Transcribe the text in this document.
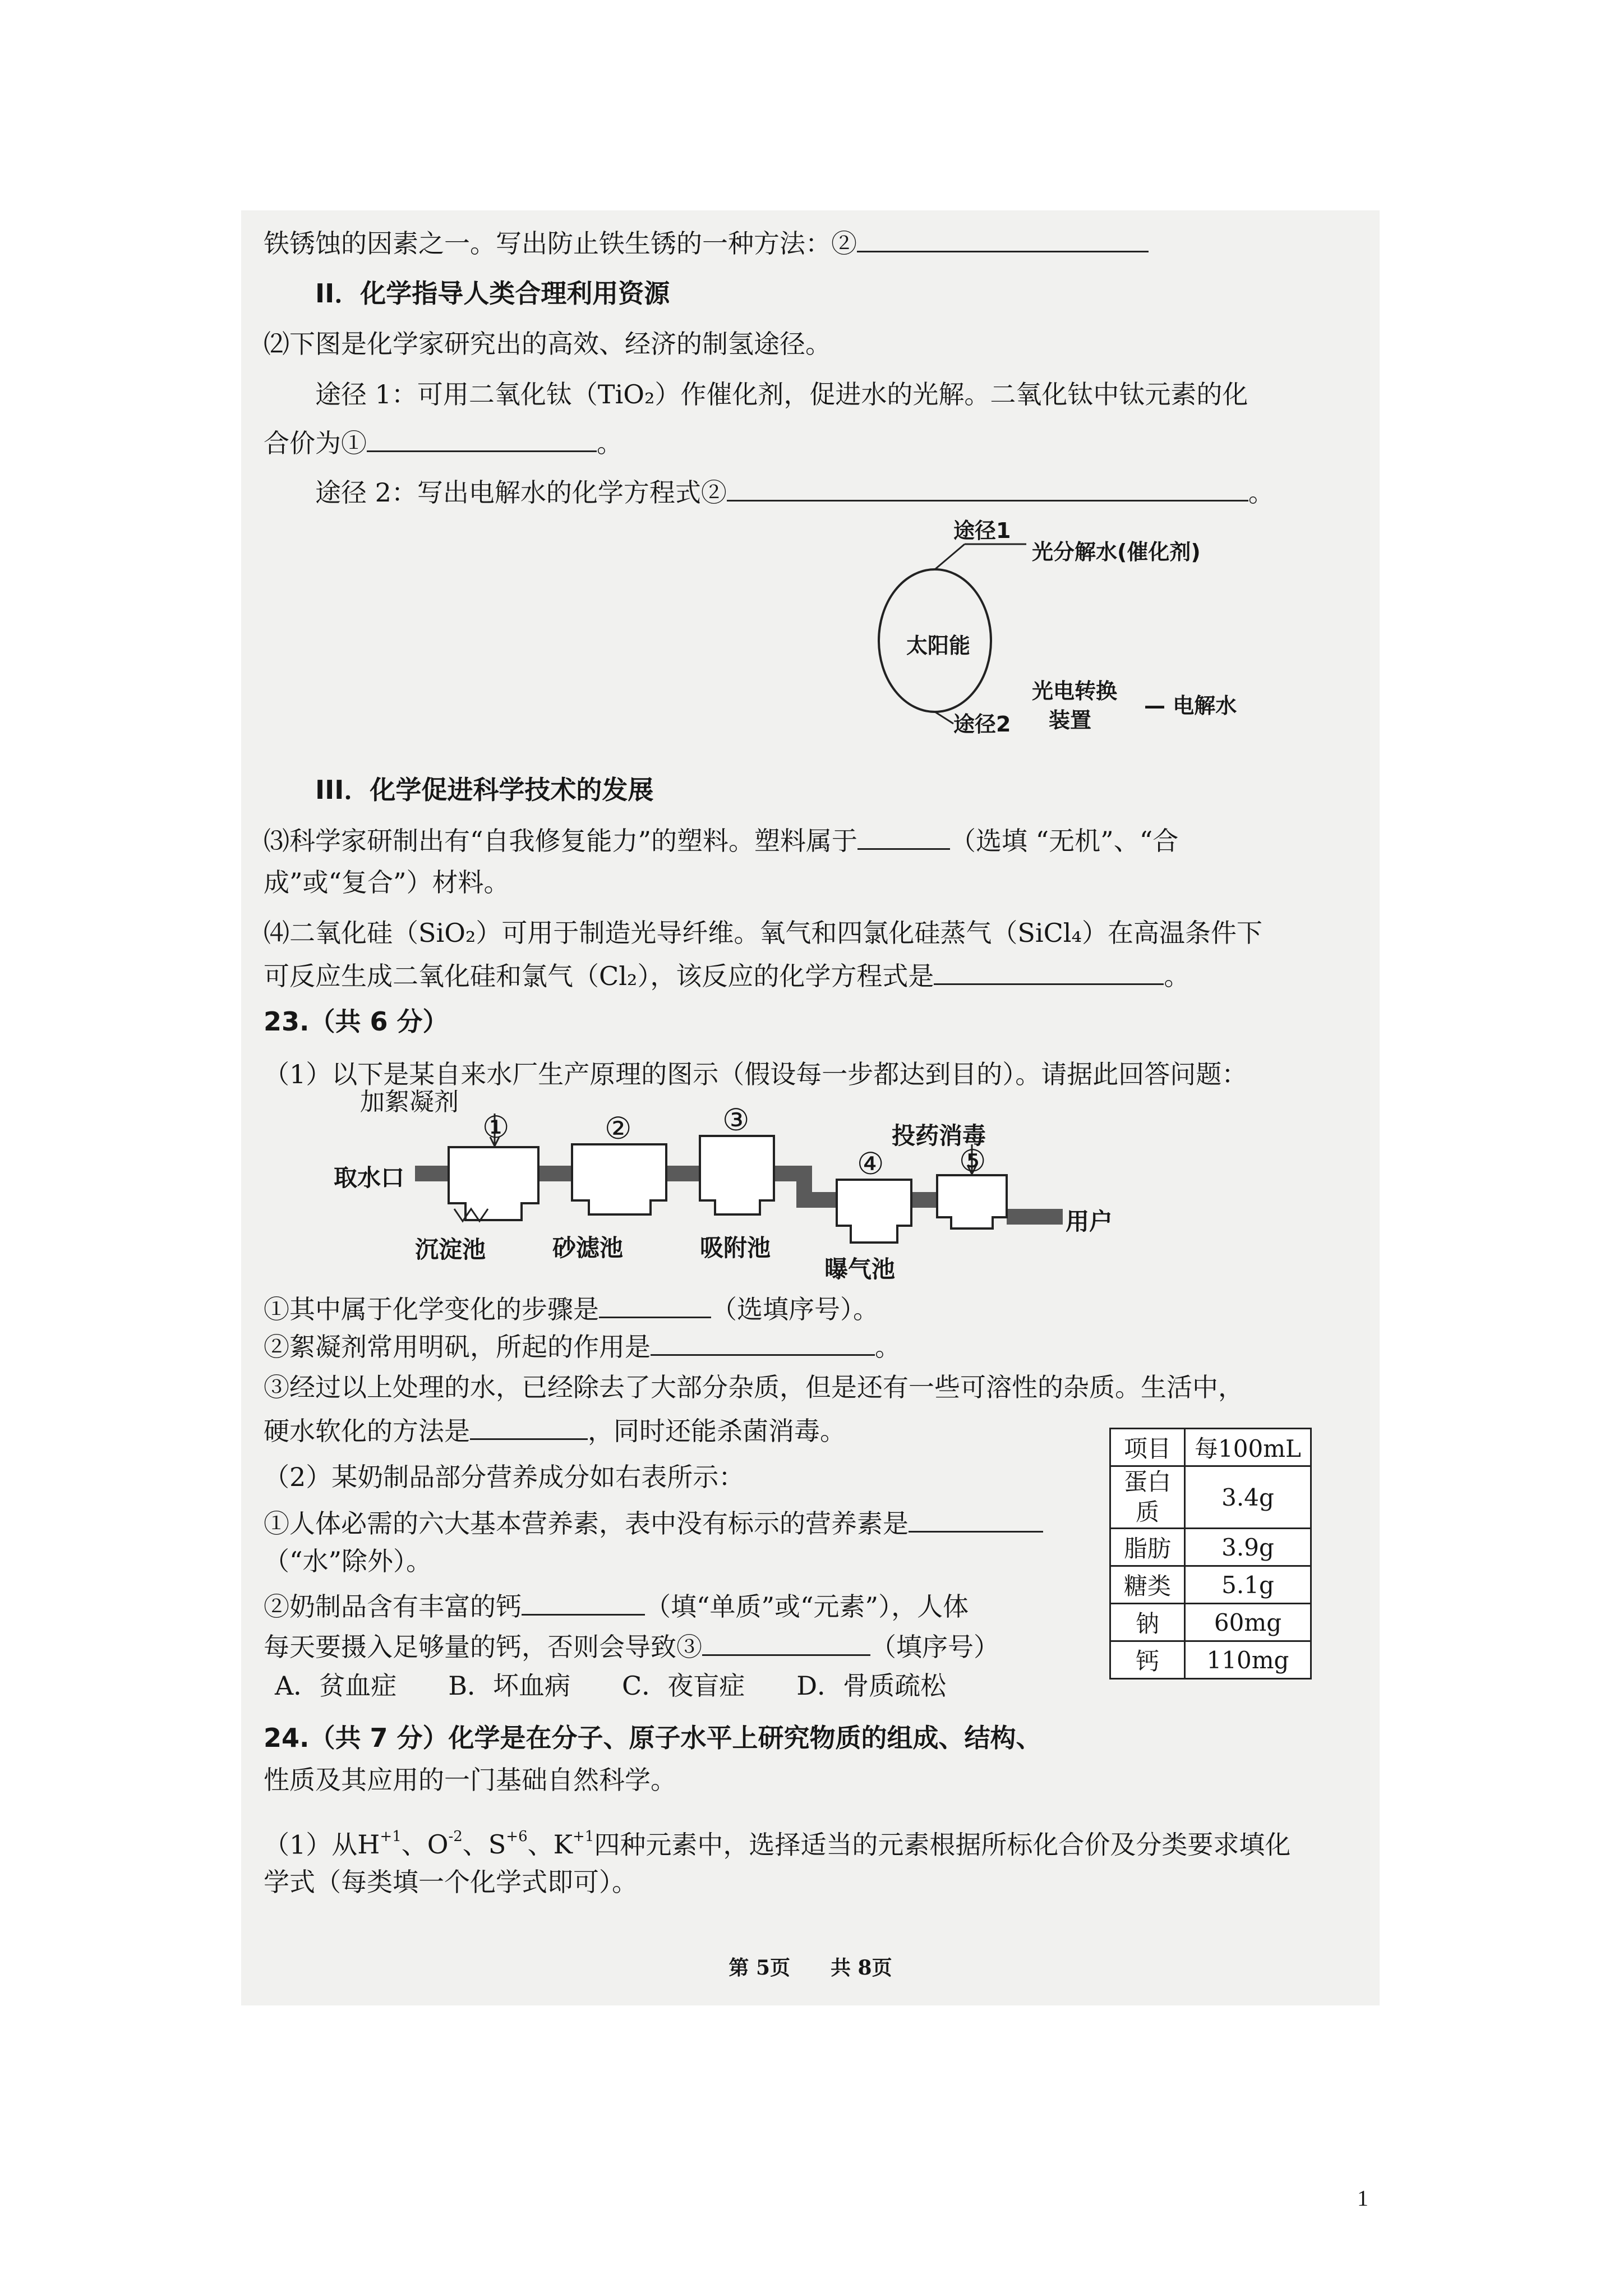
铁锈蚀的因素之一。写出防止铁生锈的一种方法：②
II．化学指导人类合理利用资源
⑵下图是化学家研究出的高效、经济的制氢途径。
途径 1：可用二氧化钛（TiO₂）作催化剂，促进水的光解。二氧化钛中钛元素的化
合价为①	。
途径 2：写出电解水的化学方程式②	。
太阳能
途径1
光分解水(催化剂)
光电转换
装置
— 电解水
途径2
III．化学促进科学技术的发展
⑶科学家研制出有“自我修复能力”的塑料。塑料属于	（选填 “无机”、“合
成”或“复合”）材料。
⑷二氧化硅（SiO₂）可用于制造光导纤维。氧气和四氯化硅蒸气（SiCl₄）在高温条件下
可反应生成二氧化硅和氯气（Cl₂），该反应的化学方程式是	。
23.（共 6 分）
（1）以下是某自来水厂生产原理的图示（假设每一步都达到目的）。请据此回答问题：
取水口
加絮凝剂
投药消毒
用户
①	②	③
④ ⑤
沉淀池	砂滤池	吸附池
曝气池
①其中属于化学变化的步骤是	（选填序号）。
②絮凝剂常用明矾，所起的作用是	。
③经过以上处理的水，已经除去了大部分杂质，但是还有一些可溶性的杂质。生活中，
硬水软化的方法是	，同时还能杀菌消毒。
（2）某奶制品部分营养成分如右表所示：
①人体必需的六大基本营养素，表中没有标示的营养素是
（“水”除外）。
②奶制品含有丰富的钙	（填“单质”或“元素”），人体
每天要摄入足够量的钙，否则会导致③	（填序号）
A．贫血症　　B．坏血病　　C．夜盲症　　D．骨质疏松
项目	每100mL
蛋白
质	3.4g
脂肪	3.9g
糖类	5.1g
钠	60mg
钙	110mg
24.（共 7 分）化学是在分子、原子水平上研究物质的组成、结构、
性质及其应用的一门基础自然科学。
（1）从$H^{+1}$、$O^{-2}$、$S^{+6}$、$K^{+1}$四种元素中，选择适当的元素根据所标化合价及分类要求填化
学式（每类填一个化学式即可）。
第 5页　　共 8页
1
